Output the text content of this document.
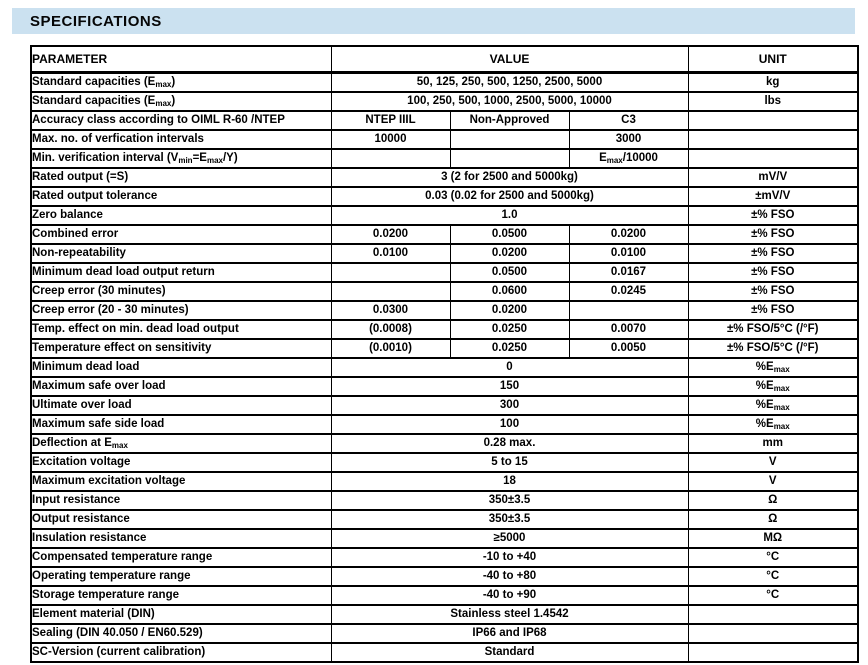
SPECIFICATIONS
PARAMETER	VALUE			UNIT
Standard capacities $(E_{max})$	50, 125, 250, 500, 1250, 2500, 5000			kg
Standard capacities $(E_{max})$	100, 250, 500, 1000, 2500, 5000, 10000			lbs
Accuracy class according to OIML R-60 /NTEP	NTEP IIIL	Non-Approved	C3	
Max. no. of verfication intervals	10000		3000	
Min. verification interval $(V_{min}=E_{max}/Y)$			$E_{max}/10000$	
Rated output (=S)	3 (2 for 2500 and 5000kg)			mV/V
Rated output tolerance	0.03 (0.02 for 2500 and 5000kg)			±mV/V
Zero balance	1.0			±% FSO
Combined error	0.0200	0.0500	0.0200	±% FSO
Non-repeatability	0.0100	0.0200	0.0100	±% FSO
Minimum dead load output return		0.0500	0.0167	±% FSO
Creep error (30 minutes)		0.0600	0.0245	±% FSO
Creep error (20 - 30 minutes)	0.0300	0.0200		±% FSO
Temp. effect on min. dead load output	(0.0008)	0.0250	0.0070	±% FSO/5°C (/°F)
Temperature effect on sensitivity	(0.0010)	0.0250	0.0050	±% FSO/5°C (/°F)
Minimum dead load	0			$\%E_{max}$
Maximum safe over load	150			$\%E_{max}$
Ultimate over load	300			$\%E_{max}$
Maximum safe side load	100			$\%E_{max}$
Deflection at $E_{max}$	0.28 max.			mm
Excitation voltage	5 to 15			V
Maximum excitation voltage	18			V
Input resistance	350±3.5			Ω
Output resistance	350±3.5			Ω
Insulation resistance	≥5000			MΩ
Compensated temperature range	-10 to +40			°C
Operating temperature range	-40 to +80			°C
Storage temperature range	-40 to +90			°C
Element material (DIN)	Stainless steel 1.4542			
Sealing (DIN 40.050 / EN60.529)	IP66 and IP68			
SC-Version (current calibration)	Standard			
